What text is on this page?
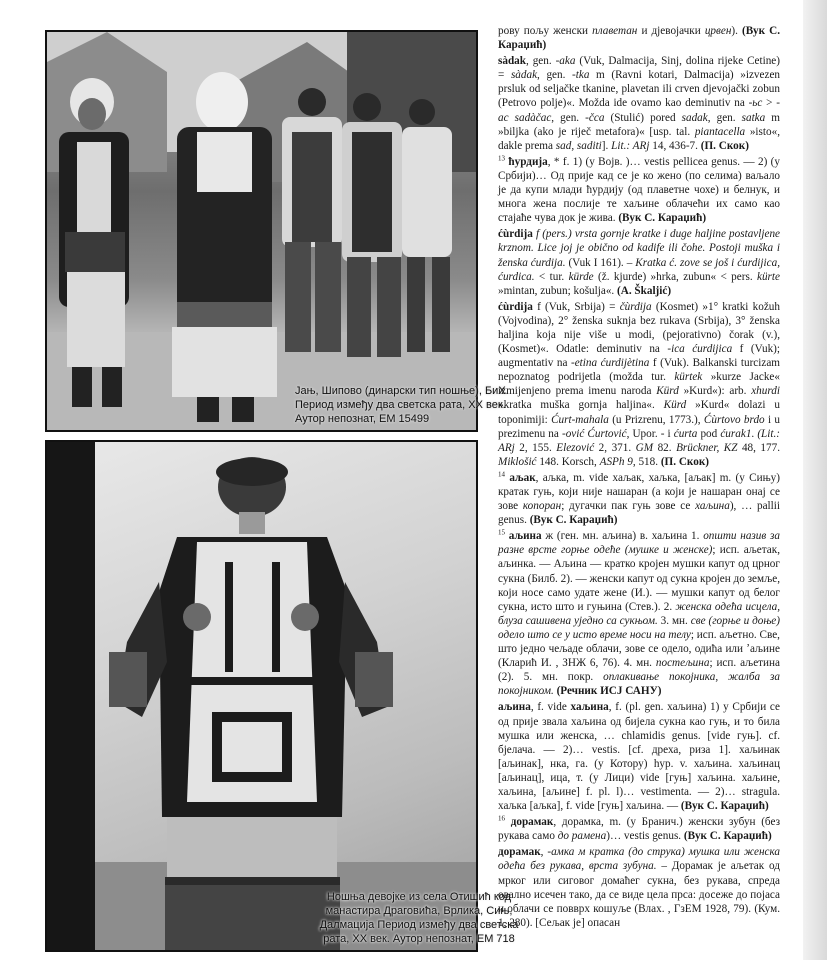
Јањ, Шипово (динарски тип ношње), БиХ.
Период између два светска рата, XX век.
Аутор непознат, ЕМ 15499
Ношња девојке из села Отишић код
манастира Драговића, Врлика, Сињ,
Далмација Период између два светска
рата, XX век. Аутор непознат, ЕМ 718

рову пољу женски плаветан и дјевојачки црвен). (Вук С. Караџић)

sàdak, gen. -aka (Vuk, Dalmacija, Sinj, dolina rijeke Cetine) = sàdak, gen. -tka m (Ravni kotari, Dalmacija) »izvezen prsluk od seljačke tkanine, plavetan ili crven djevojački zobun (Petrovo polje)«. Možda ide ovamo kao deminutiv na -ьc > -ac sadàčac, gen. -čca (Stulić) pored sadak, gen. satka m »biljka (ako je riječ metafora)« [usp. tal. piantacella »isto«, dakle prema sad, saditi]. Lit.: ARj 14, 436-7. (П. Скок)

$^{13}$ ћурдија, * f. 1) (у Војв. )… vestis pellicea genus. — 2) (у Србији)… Од прије кад се је ко жено (по селима) ваљало је да купи млади ћурдију (од плаветне чохе) и белнук, и многа жена послије те хаљине облачећи их само као стајаће чува док је жива. (Вук С. Караџић)

ćùrdija f (pers.) vrsta gornje kratke i duge haljine postavljene krznom. Lice joj je obično od kadife ili čohe. Postoji muška i ženska ćurdija. (Vuk I 161). – Kratka ć. zove se još i ćurdijica, ćurdica. < tur. kürde (ž. kjurde) »hrka, zubun« < pers. kürte »mintan, zubun; košulja«. (A. Škaljić)

ćùrdija f (Vuk, Srbija) = čùrdija (Kosmet) »1° kratki kožuh (Vojvodina), 2° ženska suknja bez rukava (Srbija), 3° ženska haljina koja nije više u modi, (pejorativno) čorak (v.), (Kosmet)«. Odatle: deminutiv na -ica ćurdijica f (Vuk); augmentativ na -etina ćurdijètina f (Vuk). Balkanski turcizam nepoznatog podrijetla (možda tur. kürtek »kurze Jacke« izmijenjeno prema imenu naroda Kürd »Kurd«): arb. xhurdi »kratka muška gornja haljina«. Kürd »Kurd« dolazi u toponimiji: Ćurt-mahala (u Prizrenu, 1773.), Ćùrtovo brdo i u prezimenu na -ović Ćurtović, Upor. - i ćurta pod ćurak1. (Lit.: ARj 2, 155. Elezović 2, 371. GM 82. Brückner, KZ 48, 177. Miklošić 148. Korsch, ASPh 9, 518. (П. Скок)

$^{14}$ аљак, аљка, m. vide хаљак, хаљка, [аљак] m. (у Сињу) кратак гуњ, који није нашаран (а који је нашаран онај се зове копоран; дугачки пак гуњ зове се хаљина), … pallii genus. (Вук С. Караџић)

$^{15}$ аљина ж (ген. мн. аљина) в. хаљина 1. општи назив за разне врсте горње одеће (мушке и женске); исп. аљетак, аљинка. — Аљина — кратко кројен мушки капут од црног сукна (Билб. 2). — женски капут од сукна кројен до земље, који носе само удате жене (И.). — мушки капут од белог сукна, исто што и гуњина (Стев.). 2. женска одећа исцела, блуза сашивена уједно са сукњом. 3. мн. све (горње и доње) одело што се у исто време носи на телу; исп. аљетно. Све, што једно чељаде облачи, зове се одело, одића или ʼаљине (Кларић И. , ЗНЖ 6, 76). 4. мн. постељина; исп. аљетина (2). 5. мн. покр. оплакивање покојника, жалба за покојником. (Речник ИСЈ САНУ)

аљина, f. vide хаљина, f. (pl. gen. хаљина) 1) у Србији се од прије звала хаљина од бијела сукна као гуњ, и то била мушка или женска, … chlamidis genus. [vide гуњ]. cf. бјелача. — 2)… vestis. [cf. дреха, риза 1]. хаљинак [аљинак], нка, га. (у Котору) hyp. v. хаљина. хаљинац [аљинац], ица, т. (у Лици) vide [гуњ] хаљина. хаљине, хаљина, [аљине] f. pl. l)… vestimenta. — 2)… stragula. хаљка [аљка], f. vide [гуњ] хаљина. — (Вук С. Караџић)

$^{16}$ дорамак, дорамка, m. (у Бранич.) женски зубун (без рукава само до рамена)… vestis genus. (Вук С. Караџић)

дорамак, -амка м кратка (до струка) мушка или женска одећа без рукава, врста зубуна. – Дорамак је аљетак од мрког или сиговог домаћег сукна, без рукава, спреда овално исечен тако, да се виде цела прса: досеже до појаса и облачи се повврх кошуље (Влах. , ГзЕМ 1928, 79). (Кум. 1, 280). [Сељак је] опасан
